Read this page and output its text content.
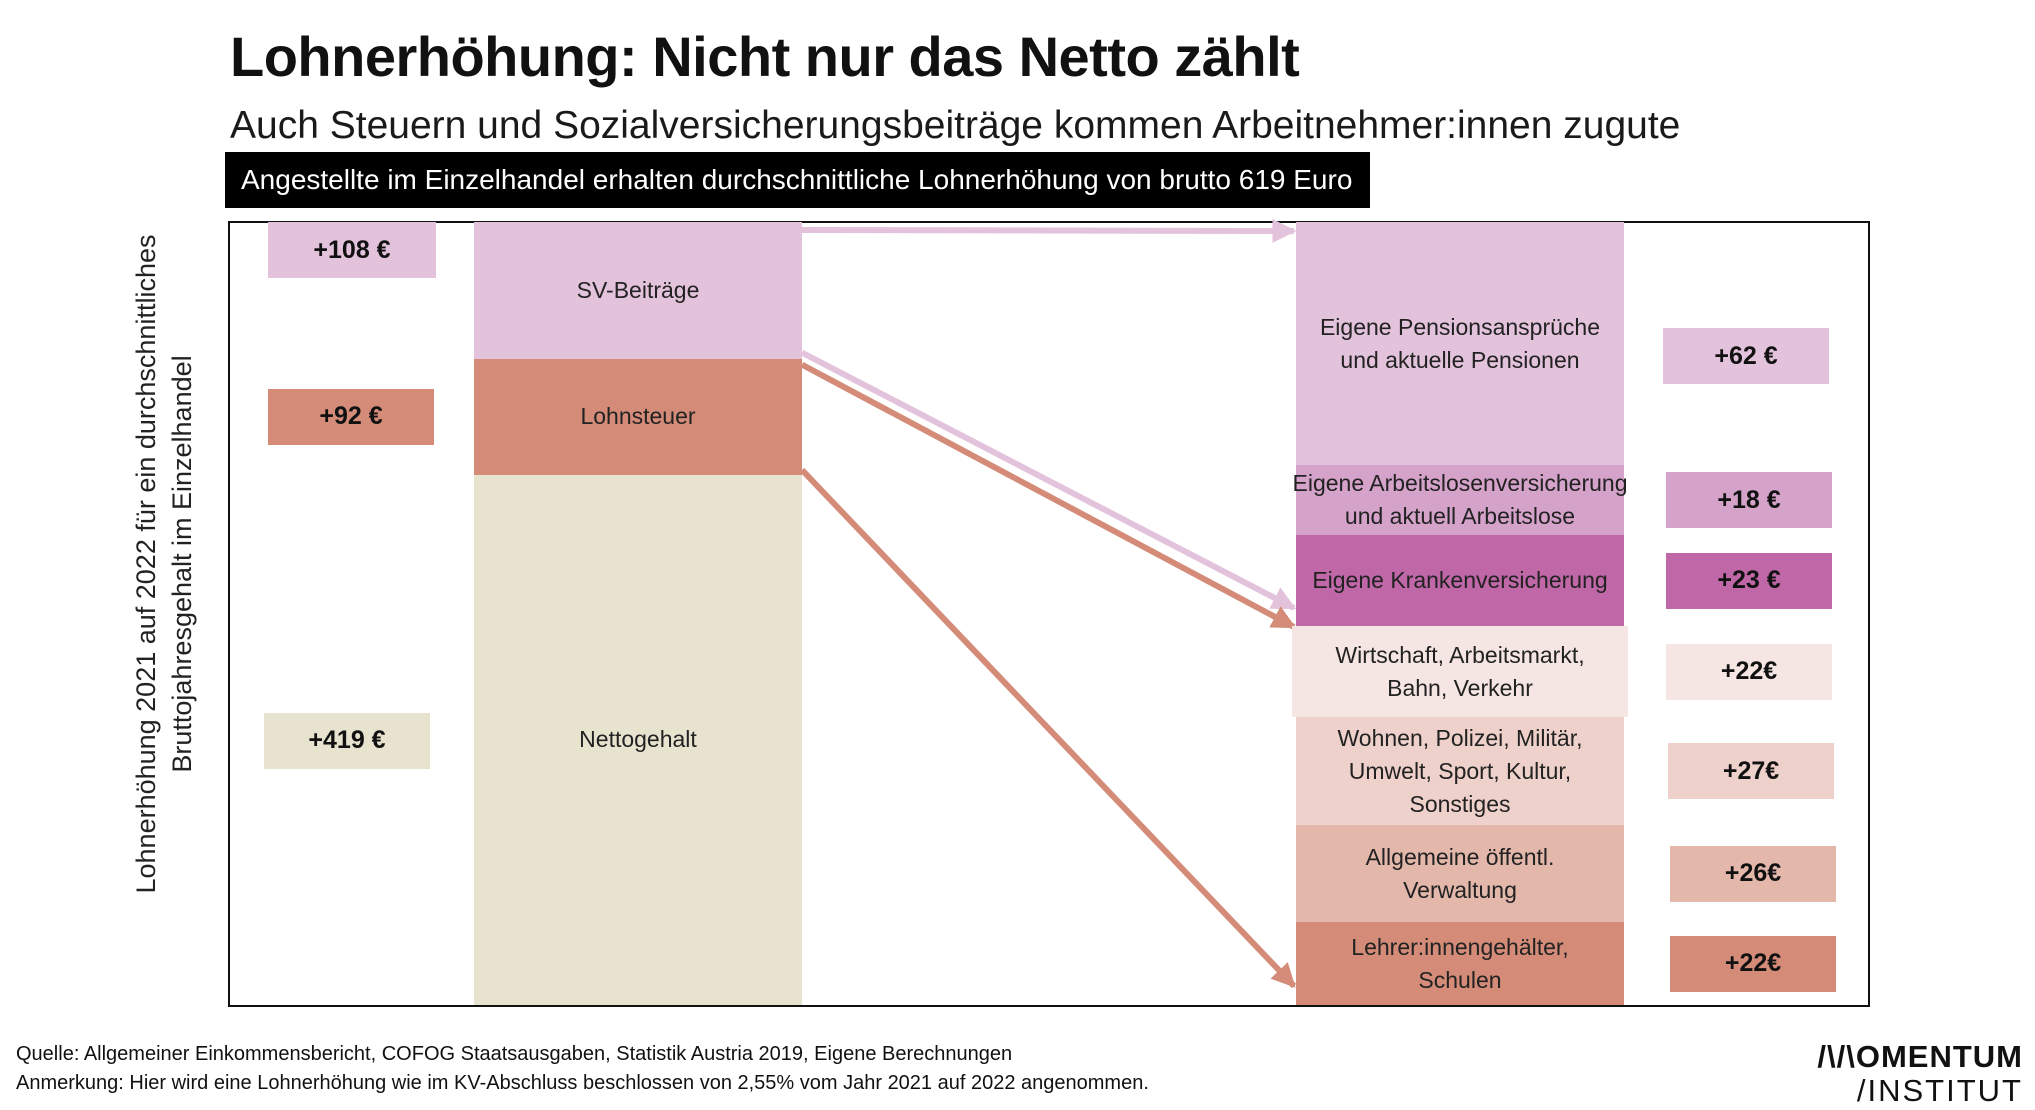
Lohnerhöhung: Nicht nur das Netto zählt
Auch Steuern und Sozialversicherungsbeiträge kommen Arbeitnehmer:innen zugute
Angestellte im Einzelhandel erhalten durchschnittliche Lohnerhöhung von brutto 619 Euro
Lohnerhöhung 2021 auf 2022 für ein durchschnittliches Bruttojahresgehalt im Einzelhandel
SV-Beiträge
Lohnsteuer
Nettogehalt
+108 €
+92 €
+419 €
Eigene Pensionsansprüche
und aktuelle Pensionen
Eigene Arbeitslosenversicherung
und aktuell Arbeitslose
Eigene Krankenversicherung
Wirtschaft, Arbeitsmarkt,
Bahn, Verkehr
Wohnen, Polizei, Militär,
Umwelt, Sport, Kultur,
Sonstiges
Allgemeine öffentl.
Verwaltung
Lehrer:innengehälter,
Schulen
+62 €
+18 €
+23 €
+22€
+27€
+26€
+22€
Quelle: Allgemeiner Einkommensbericht, COFOG Staatsausgaben, Statistik Austria 2019, Eigene Berechnungen
Anmerkung: Hier wird eine Lohnerhöhung wie im KV-Abschluss beschlossen von 2,55% vom Jahr 2021 auf 2022 angenommen.
/\/\OMENTUM
/INSTITUT
